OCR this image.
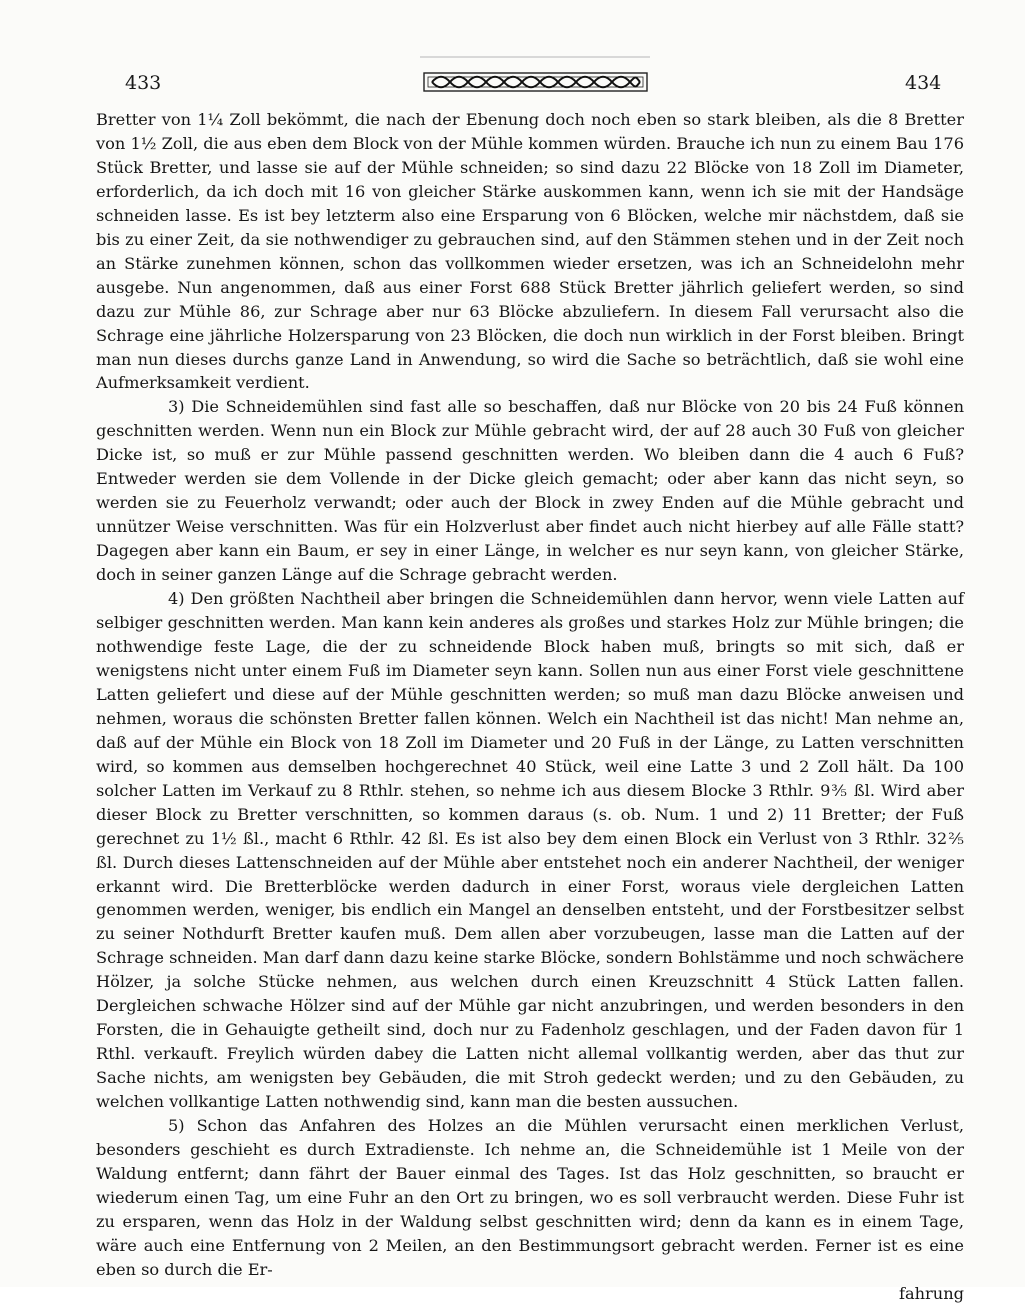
433	434

Bretter von 1¼ Zoll bekömmt, die nach der Ebenung doch noch eben so stark bleiben, als die 8 Bretter von 1½ Zoll, die aus eben dem Block von der Mühle kommen würden. Brauche ich nun zu einem Bau 176 Stück Bretter, und lasse sie auf der Mühle schneiden; so sind dazu 22 Blöcke von 18 Zoll im Diameter, erforderlich, da ich doch mit 16 von gleicher Stärke auskommen kann, wenn ich sie mit der Handsäge schneiden lasse. Es ist bey letzterm also eine Ersparung von 6 Blöcken, welche mir nächstdem, daß sie bis zu einer Zeit, da sie nothwendiger zu gebrauchen sind, auf den Stämmen stehen und in der Zeit noch an Stärke zunehmen können, schon das vollkommen wieder ersetzen, was ich an Schneidelohn mehr ausgebe. Nun angenommen, daß aus einer Forst 688 Stück Bretter jährlich geliefert werden, so sind dazu zur Mühle 86, zur Schrage aber nur 63 Blöcke abzuliefern. In diesem Fall verursacht also die Schrage eine jährliche Holzersparung von 23 Blöcken, die doch nun wirklich in der Forst bleiben. Bringt man nun dieses durchs ganze Land in Anwendung, so wird die Sache so beträchtlich, daß sie wohl eine Aufmerksamkeit verdient.

3) Die Schneidemühlen sind fast alle so beschaffen, daß nur Blöcke von 20 bis 24 Fuß können geschnitten werden. Wenn nun ein Block zur Mühle gebracht wird, der auf 28 auch 30 Fuß von gleicher Dicke ist, so muß er zur Mühle passend geschnitten werden. Wo bleiben dann die 4 auch 6 Fuß? Entweder werden sie dem Vollende in der Dicke gleich gemacht; oder aber kann das nicht seyn, so werden sie zu Feuerholz verwandt; oder auch der Block in zwey Enden auf die Mühle gebracht und unnützer Weise verschnitten. Was für ein Holzverlust aber findet auch nicht hierbey auf alle Fälle statt? Dagegen aber kann ein Baum, er sey in einer Länge, in welcher es nur seyn kann, von gleicher Stärke, doch in seiner ganzen Länge auf die Schrage gebracht werden.

4) Den größten Nachtheil aber bringen die Schneidemühlen dann hervor, wenn viele Latten auf selbiger geschnitten werden. Man kann kein anderes als großes und starkes Holz zur Mühle bringen; die nothwendige feste Lage, die der zu schneidende Block haben muß, bringts so mit sich, daß er wenigstens nicht unter einem Fuß im Diameter seyn kann. Sollen nun aus einer Forst viele geschnittene Latten geliefert und diese auf der Mühle geschnitten werden; so muß man dazu Blöcke anweisen und nehmen, woraus die schönsten Bretter fallen können. Welch ein Nachtheil ist das nicht! Man nehme an, daß auf der Mühle ein Block von 18 Zoll im Diameter und 20 Fuß in der Länge, zu Latten verschnitten wird, so kommen aus demselben hochgerechnet 40 Stück, weil eine Latte 3 und 2 Zoll hält. Da 100 solcher Latten im Verkauf zu 8 Rthlr. stehen, so nehme ich aus diesem Blocke 3 Rthlr. 9⅗ ßl. Wird aber dieser Block zu Bretter verschnitten, so kommen daraus (s. ob. Num. 1 und 2) 11 Bretter; der Fuß gerechnet zu 1½ ßl., macht 6 Rthlr. 42 ßl. Es ist also bey dem einen Block ein Verlust von 3 Rthlr. 32⅖ ßl. Durch dieses Lattenschneiden auf der Mühle aber entstehet noch ein anderer Nachtheil, der weniger erkannt wird. Die Bretterblöcke werden dadurch in einer Forst, woraus viele dergleichen Latten genommen werden, weniger, bis endlich ein Mangel an denselben entsteht, und der Forstbesitzer selbst zu seiner Nothdurft Bretter kaufen muß. Dem allen aber vorzubeugen, lasse man die Latten auf der Schrage schneiden. Man darf dann dazu keine starke Blöcke, sondern Bohlstämme und noch schwächere Hölzer, ja solche Stücke nehmen, aus welchen durch einen Kreuzschnitt 4 Stück Latten fallen. Dergleichen schwache Hölzer sind auf der Mühle gar nicht anzubringen, und werden besonders in den Forsten, die in Gehauigte getheilt sind, doch nur zu Fadenholz geschlagen, und der Faden davon für 1 Rthl. verkauft. Freylich würden dabey die Latten nicht allemal vollkantig werden, aber das thut zur Sache nichts, am wenigsten bey Gebäuden, die mit Stroh gedeckt werden; und zu den Gebäuden, zu welchen vollkantige Latten nothwendig sind, kann man die besten aussuchen.

5) Schon das Anfahren des Holzes an die Mühlen verursacht einen merklichen Verlust, besonders geschieht es durch Extradienste. Ich nehme an, die Schneidemühle ist 1 Meile von der Waldung entfernt; dann fährt der Bauer einmal des Tages. Ist das Holz geschnitten, so braucht er wiederum einen Tag, um eine Fuhr an den Ort zu bringen, wo es soll verbraucht werden. Diese Fuhr ist zu ersparen, wenn das Holz in der Waldung selbst geschnitten wird; denn da kann es in einem Tage, wäre auch eine Entfernung von 2 Meilen, an den Bestimmungsort gebracht werden. Ferner ist es eine eben so durch die Er-

fahrung
